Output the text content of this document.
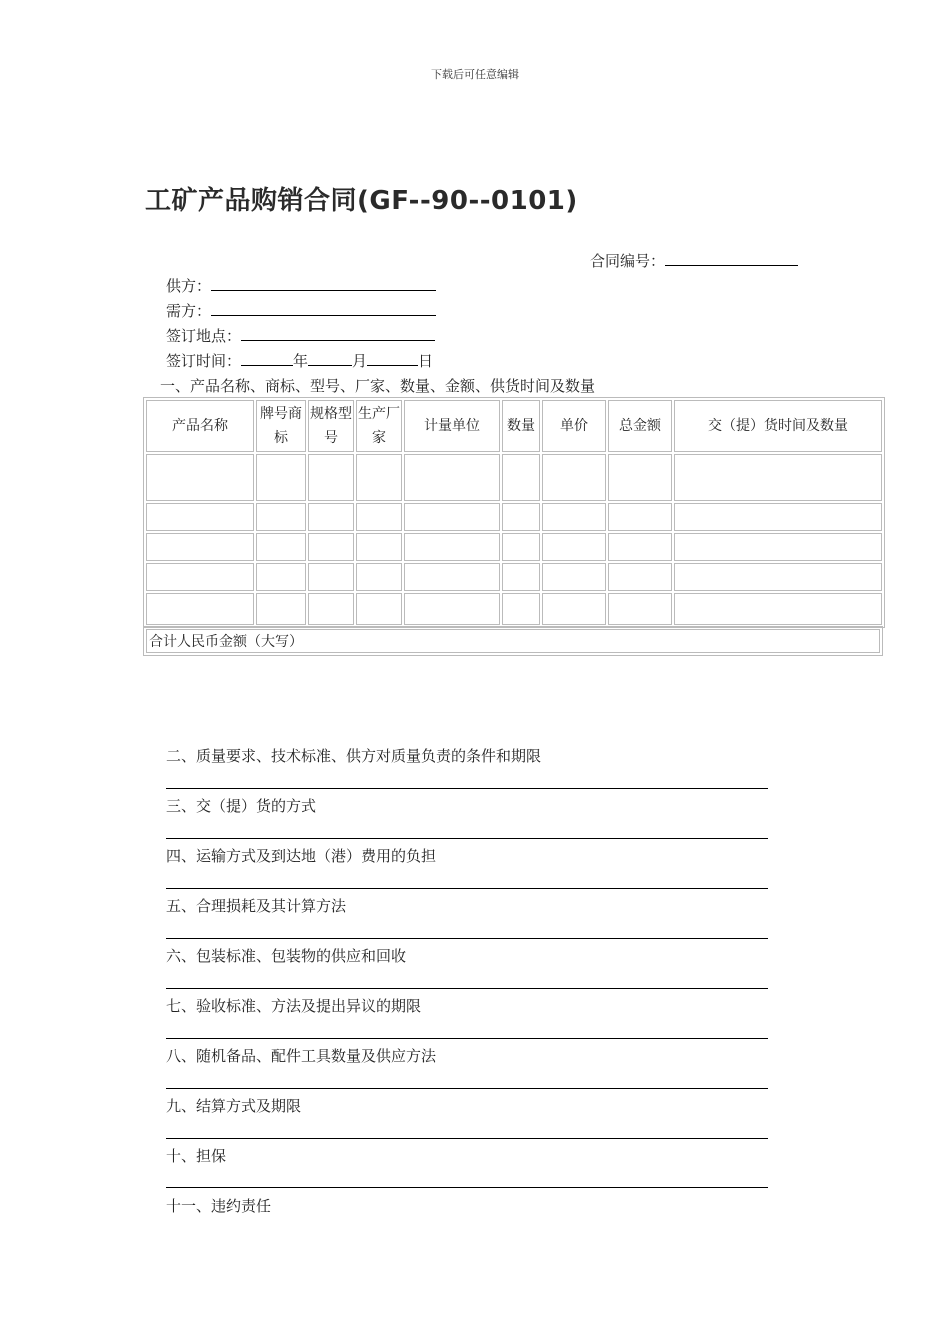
下载后可任意编辑
工矿产品购销合同(GF--90--0101)
合同编号：
供方：
需方：
签订地点：
签订时间：	年	月	日
一、产品名称、商标、型号、厂家、数量、金额、供货时间及数量
产品名称	牌号商标	规格型号	生产厂家	计量单位	数量	单价	总金额	交（提）货时间及数量

合计人民币金额（大写）
二、质量要求、技术标准、供方对质量负责的条件和期限
三、交（提）货的方式
四、运输方式及到达地（港）费用的负担
五、合理损耗及其计算方法
六、包装标准、包装物的供应和回收
七、验收标准、方法及提出异议的期限
八、随机备品、配件工具数量及供应方法
九、结算方式及期限
十、担保
十一、违约责任
